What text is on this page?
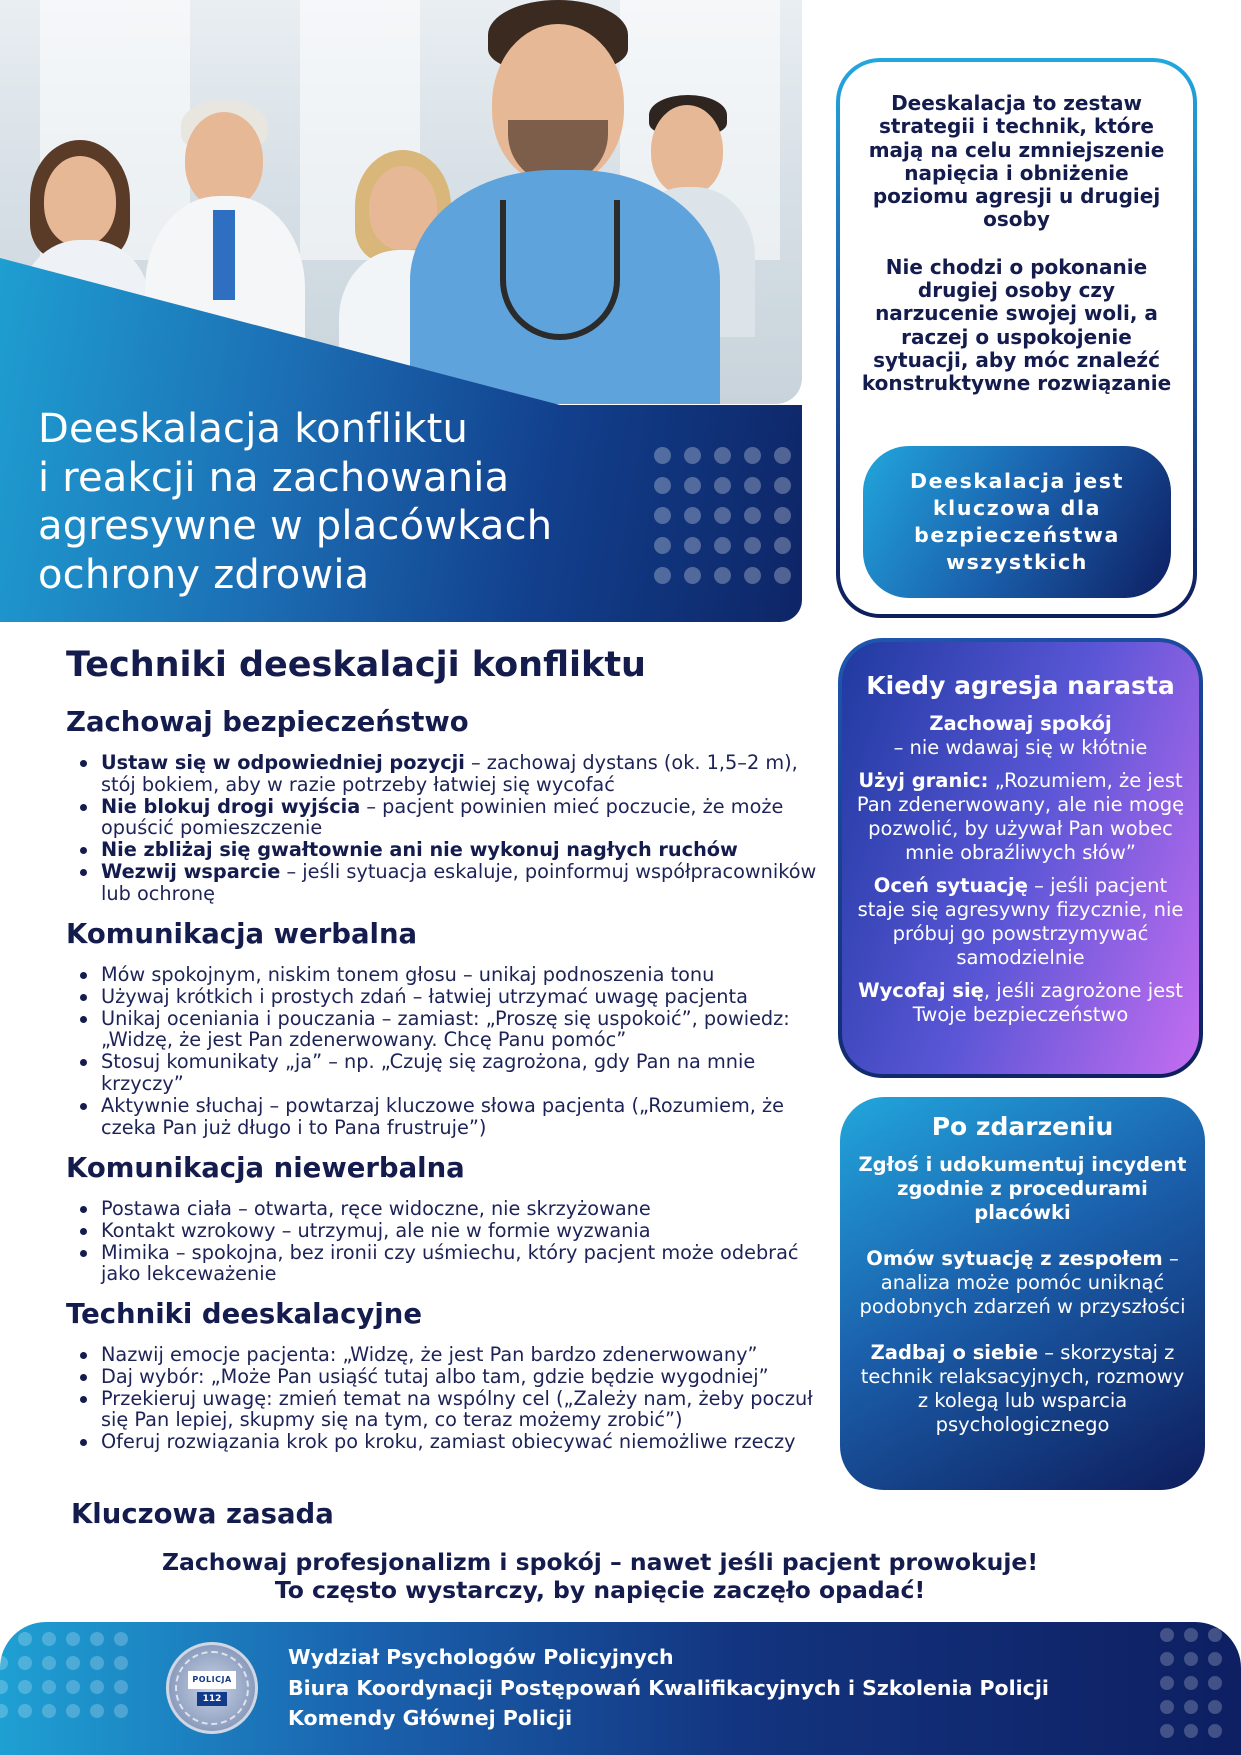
Deeskalacja konfliktu
i reakcji na zachowania
agresywne w placówkach
ochrony zdrowia

Deeskalacja to zestaw strategii i technik, które mają na celu zmniejszenie napięcia i obniżenie poziomu agresji u drugiej osoby

Nie chodzi o pokonanie drugiej osoby czy narzucenie swojej woli, a raczej o uspokojenie sytuacji, aby móc znaleźć konstruktywne rozwiązanie

Deeskalacja jest kluczowa dla bezpieczeństwa wszystkich
Techniki deeskalacji konfliktu
Zachowaj bezpieczeństwo
Ustaw się w odpowiedniej pozycji – zachowaj dystans (ok. 1,5–2 m), stój bokiem, aby w razie potrzeby łatwiej się wycofać
Nie blokuj drogi wyjścia – pacjent powinien mieć poczucie, że może opuścić pomieszczenie
Nie zbliżaj się gwałtownie ani nie wykonuj nagłych ruchów
Wezwij wsparcie – jeśli sytuacja eskaluje, poinformuj współpracowników lub ochronę
Komunikacja werbalna
Mów spokojnym, niskim tonem głosu – unikaj podnoszenia tonu
Używaj krótkich i prostych zdań – łatwiej utrzymać uwagę pacjenta
Unikaj oceniania i pouczania – zamiast: „Proszę się uspokoić”, powiedz: „Widzę, że jest Pan zdenerwowany. Chcę Panu pomóc”
Stosuj komunikaty „ja” – np. „Czuję się zagrożona, gdy Pan na mnie krzyczy”
Aktywnie słuchaj – powtarzaj kluczowe słowa pacjenta („Rozumiem, że czeka Pan już długo i to Pana frustruje”)
Komunikacja niewerbalna
Postawa ciała – otwarta, ręce widoczne, nie skrzyżowane
Kontakt wzrokowy – utrzymuj, ale nie w formie wyzwania
Mimika – spokojna, bez ironii czy uśmiechu, który pacjent może odebrać jako lekceważenie
Techniki deeskalacyjne
Nazwij emocje pacjenta: „Widzę, że jest Pan bardzo zdenerwowany”
Daj wybór: „Może Pan usiąść tutaj albo tam, gdzie będzie wygodniej”
Przekieruj uwagę: zmień temat na wspólny cel („Zależy nam, żeby poczuł się Pan lepiej, skupmy się na tym, co teraz możemy zrobić”)
Oferuj rozwiązania krok po kroku, zamiast obiecywać niemożliwe rzeczy
Kluczowa zasada
Zachowaj profesjonalizm i spokój – nawet jeśli pacjent prowokuje!
To często wystarczy, by napięcie zaczęło opadać!
Kiedy agresja narasta
Zachowaj spokój
– nie wdawaj się w kłótnie
Użyj granic: „Rozumiem, że jest Pan zdenerwowany, ale nie mogę pozwolić, by używał Pan wobec mnie obraźliwych słów”
Oceń sytuację – jeśli pacjent staje się agresywny fizycznie, nie próbuj go powstrzymywać samodzielnie
Wycofaj się, jeśli zagrożone jest Twoje bezpieczeństwo
Po zdarzeniu
Zgłoś i udokumentuj incydent zgodnie z procedurami placówki
Omów sytuację z zespołem – analiza może pomóc uniknąć podobnych zdarzeń w przyszłości
Zadbaj o siebie – skorzystaj z technik relaksacyjnych, rozmowy z kolegą lub wsparcia psychologicznego
POLICJA
112
Wydział Psychologów Policyjnych
Biura Koordynacji Postępowań Kwalifikacyjnych i Szkolenia Policji
Komendy Głównej Policji
